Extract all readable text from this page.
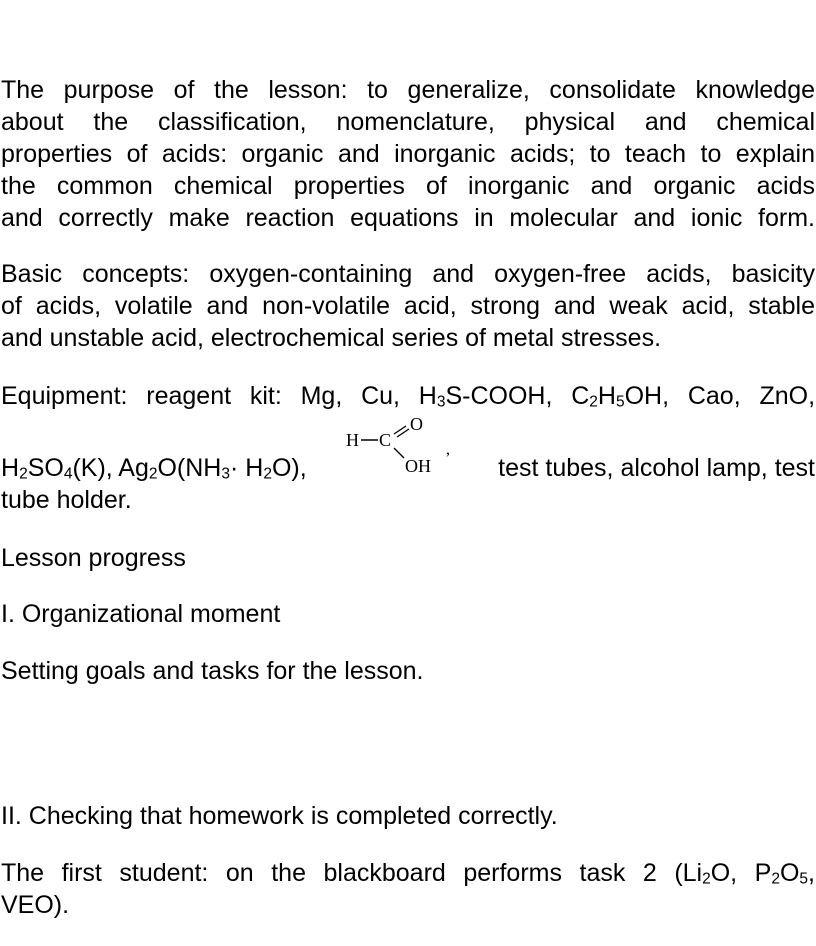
The purpose of the lesson: to generalize, consolidate knowledge
about the classification, nomenclature, physical and chemical
properties of acids: organic and inorganic acids; to teach to explain
the common chemical properties of inorganic and organic acids
and correctly make reaction equations in molecular and ionic form.
Basic concepts: oxygen-containing and oxygen-free acids, basicity
of acids, volatile and non-volatile acid, strong and weak acid, stable
and unstable acid, electrochemical series of metal stresses.
Equipment: reagent kit: Mg, Cu, $H_3S$-COOH, $C_2H_5OH$, Cao, ZnO,
H C
O
OH
,
$H_2SO_4(K)$, $Ag_2O(NH_3\cdot H_2O)$,	test tubes, alcohol lamp, test
tube holder.
Lesson progress
I. Organizational moment
Setting goals and tasks for the lesson.
II. Checking that homework is completed correctly.
The first student: on the blackboard performs task 2 ($Li_2O$, $P_2O_5$,
VEO).
